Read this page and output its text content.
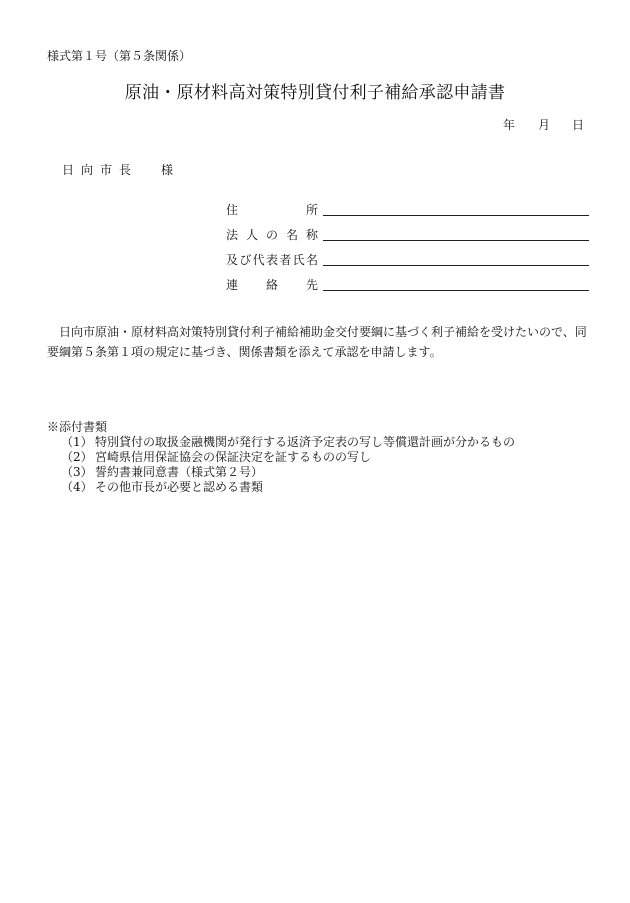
様式第１号（第５条関係）
原油・原材料高対策特別貸付利子補給承認申請書
年 月 日
日向市長 様
住所
法人の名称
及び代表者氏名
連絡先
日向市原油・原材料高対策特別貸付利子補給補助金交付要綱に基づく利子補給を受けたいので、同要綱第５条第１項の規定に基づき、関係書類を添えて承認を申請します。
※添付書類
（1） 特別貸付の取扱金融機関が発行する返済予定表の写し等償還計画が分かるもの
（2） 宮崎県信用保証協会の保証決定を証するものの写し
（3） 誓約書兼同意書（様式第２号）
（4） その他市長が必要と認める書類
